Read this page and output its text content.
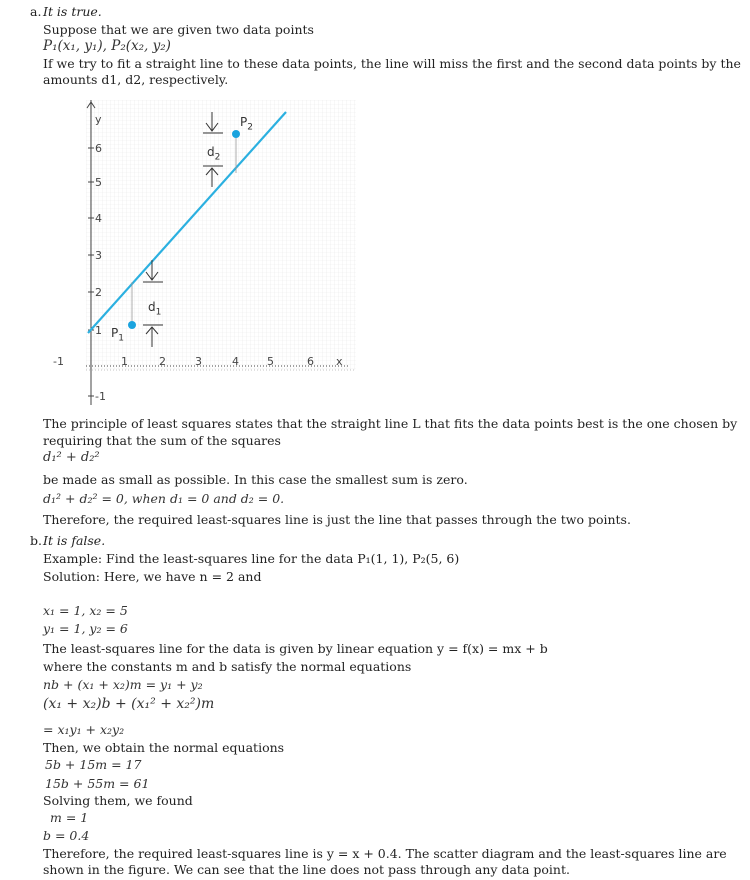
a. It is true.
Suppose that we are given two data points
P₁(x₁, y₁), P₂(x₂, y₂)
If we try to fit a straight line to these data points, the line will miss the first and the second data points by the
amounts d1, d2, respectively.
y
6
5
4
3
2
1
-1
-1	1	2	3	4	5	6 x
$P_1$
$P_2$
$d_1$
$d_2$
The principle of least squares states that the straight line L that fits the data points best is the one chosen by
requiring that the sum of the squares
d₁² + d₂²
be made as small as possible. In this case the smallest sum is zero.
d₁² + d₂² = 0, when d₁ = 0 and d₂ = 0.
Therefore, the required least-squares line is just the line that passes through the two points.
b. It is false.
Example: Find the least-squares line for the data P₁(1, 1), P₂(5, 6)
Solution: Here, we have n = 2 and
x₁ = 1, x₂ = 5
y₁ = 1, y₂ = 6
The least-squares line for the data is given by linear equation y = f(x) = mx + b
where the constants m and b satisfy the normal equations
nb + (x₁ + x₂)m = y₁ + y₂
(x₁ + x₂)b + (x₁² + x₂²)m
= x₁y₁ + x₂y₂
Then, we obtain the normal equations
5b + 15m = 17
15b + 55m = 61
Solving them, we found
m = 1
b = 0.4
Therefore, the required least-squares line is y = x + 0.4. The scatter diagram and the least-squares line are
shown in the figure. We can see that the line does not pass through any data point.
